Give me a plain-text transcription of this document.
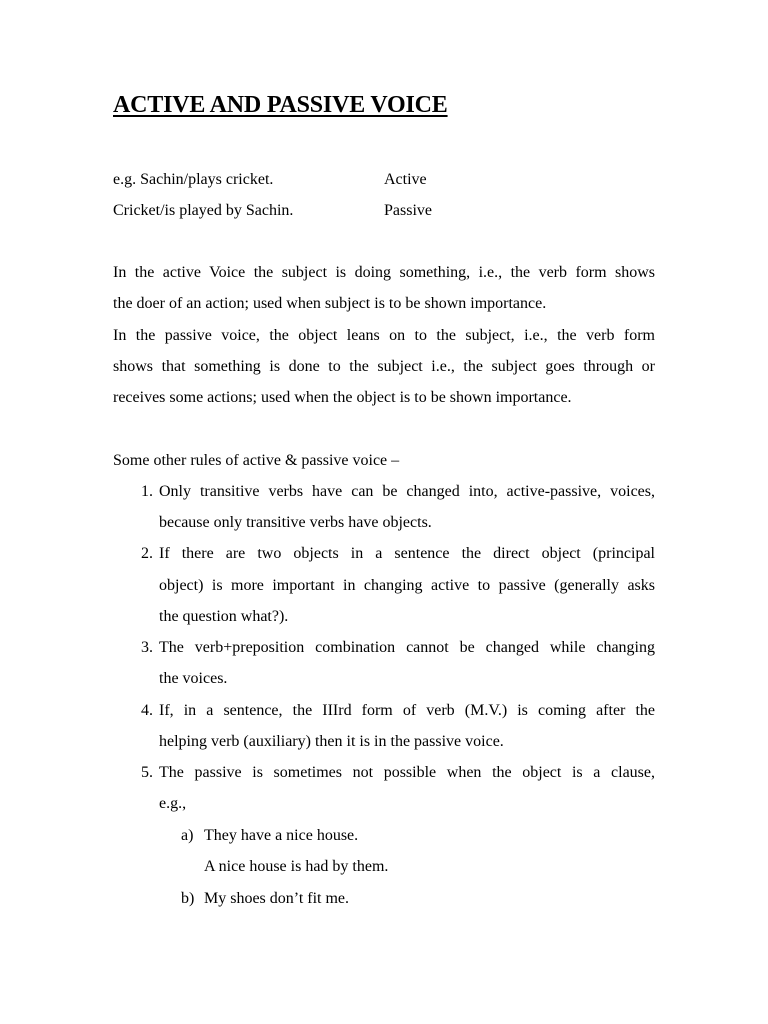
ACTIVE AND PASSIVE VOICE
e.g. Sachin/plays cricket.	Active
Cricket/is played by Sachin.	Passive
In the active Voice the subject is doing something, i.e., the verb form shows
the doer of an action; used when subject is to be shown importance.
In the passive voice, the object leans on to the subject, i.e., the verb form
shows that something is done to the subject i.e., the subject goes through or
receives some actions; used when the object is to be shown importance.
Some other rules of active & passive voice –
1. Only transitive verbs have can be changed into, active-passive, voices,
because only transitive verbs have objects.
2. If there are two objects in a sentence the direct object (principal
object) is more important in changing active to passive (generally asks
the question what?).
3. The verb+preposition combination cannot be changed while changing
the voices.
4. If, in a sentence, the IIIrd form of verb (M.V.) is coming after the
helping verb (auxiliary) then it is in the passive voice.
5. The passive is sometimes not possible when the object is a clause,
e.g.,
a) They have a nice house.
A nice house is had by them.
b) My shoes don’t fit me.
